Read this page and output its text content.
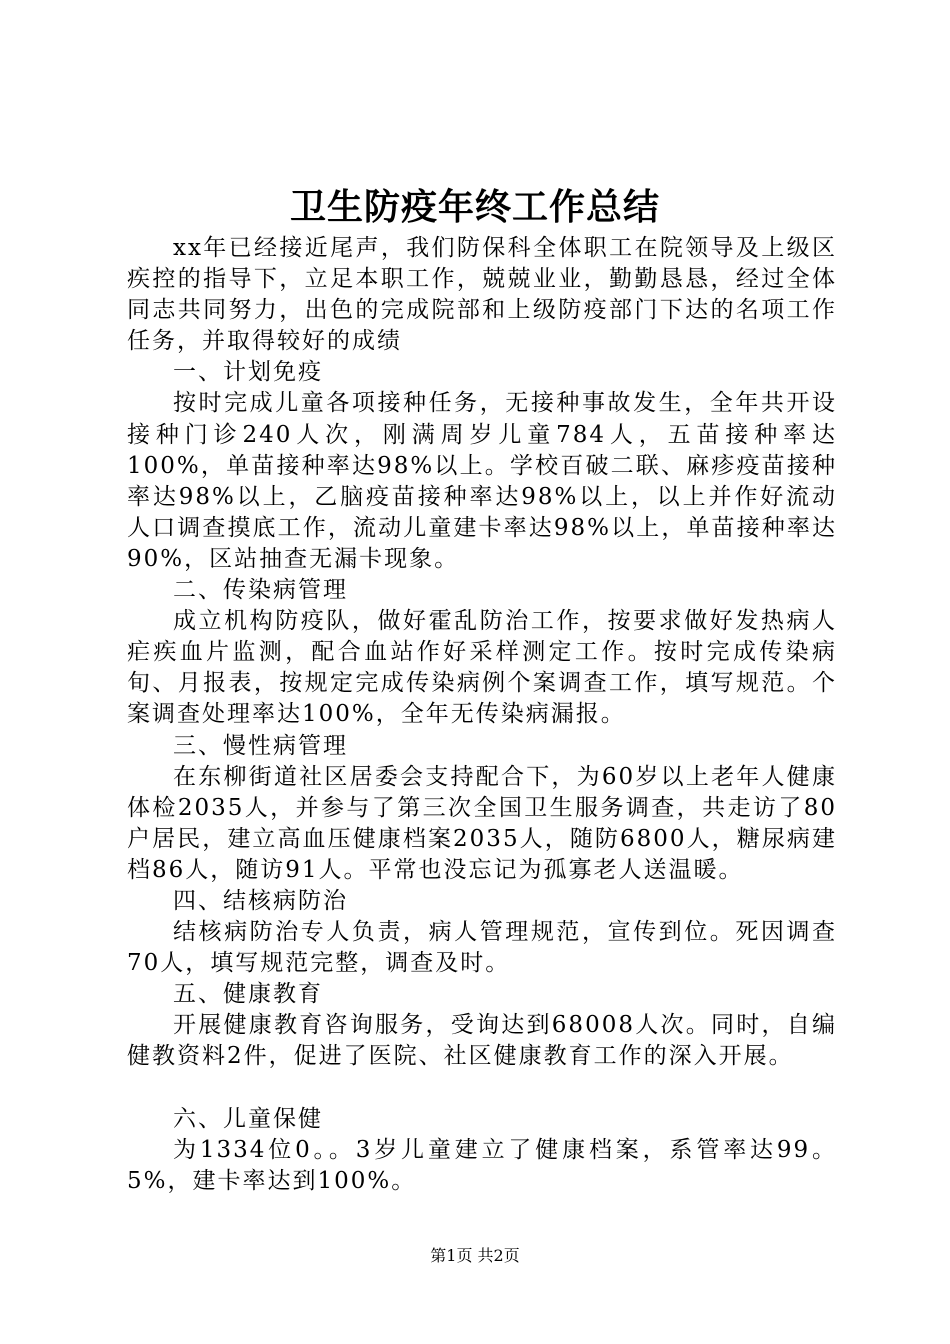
卫生防疫年终工作总结

xx年已经接近尾声，我们防保科全体职工在院领导及上级区疾控的指导下，立足本职工作，兢兢业业，勤勤恳恳，经过全体同志共同努力，出色的完成院部和上级防疫部门下达的名项工作任务，并取得较好的成绩

一、计划免疫

按时完成儿童各项接种任务，无接种事故发生，全年共开设接种门诊240人次，刚满周岁儿童784人，五苗接种率达100%，单苗接种率达98%以上。学校百破二联、麻疹疫苗接种率达98%以上，乙脑疫苗接种率达98%以上，以上并作好流动人口调查摸底工作，流动儿童建卡率达98%以上，单苗接种率达90%，区站抽查无漏卡现象。

二、传染病管理

成立机构防疫队，做好霍乱防治工作，按要求做好发热病人疟疾血片监测，配合血站作好采样测定工作。按时完成传染病旬、月报表，按规定完成传染病例个案调查工作，填写规范。个案调查处理率达100%，全年无传染病漏报。

三、慢性病管理

在东柳街道社区居委会支持配合下，为60岁以上老年人健康体检2035人，并参与了第三次全国卫生服务调查，共走访了80户居民，建立高血压健康档案2035人，随防6800人，糖尿病建档86人，随访91人。平常也没忘记为孤寡老人送温暖。

四、结核病防治

结核病防治专人负责，病人管理规范，宣传到位。死因调查70人，填写规范完整，调查及时。

五、健康教育

开展健康教育咨询服务，受询达到68008人次。同时，自编健教资料2件，促进了医院、社区健康教育工作的深入开展。

六、儿童保健

为1334位0。。3岁儿童建立了健康档案，系管率达99。5%，建卡率达到100%。

第1页 共2页
